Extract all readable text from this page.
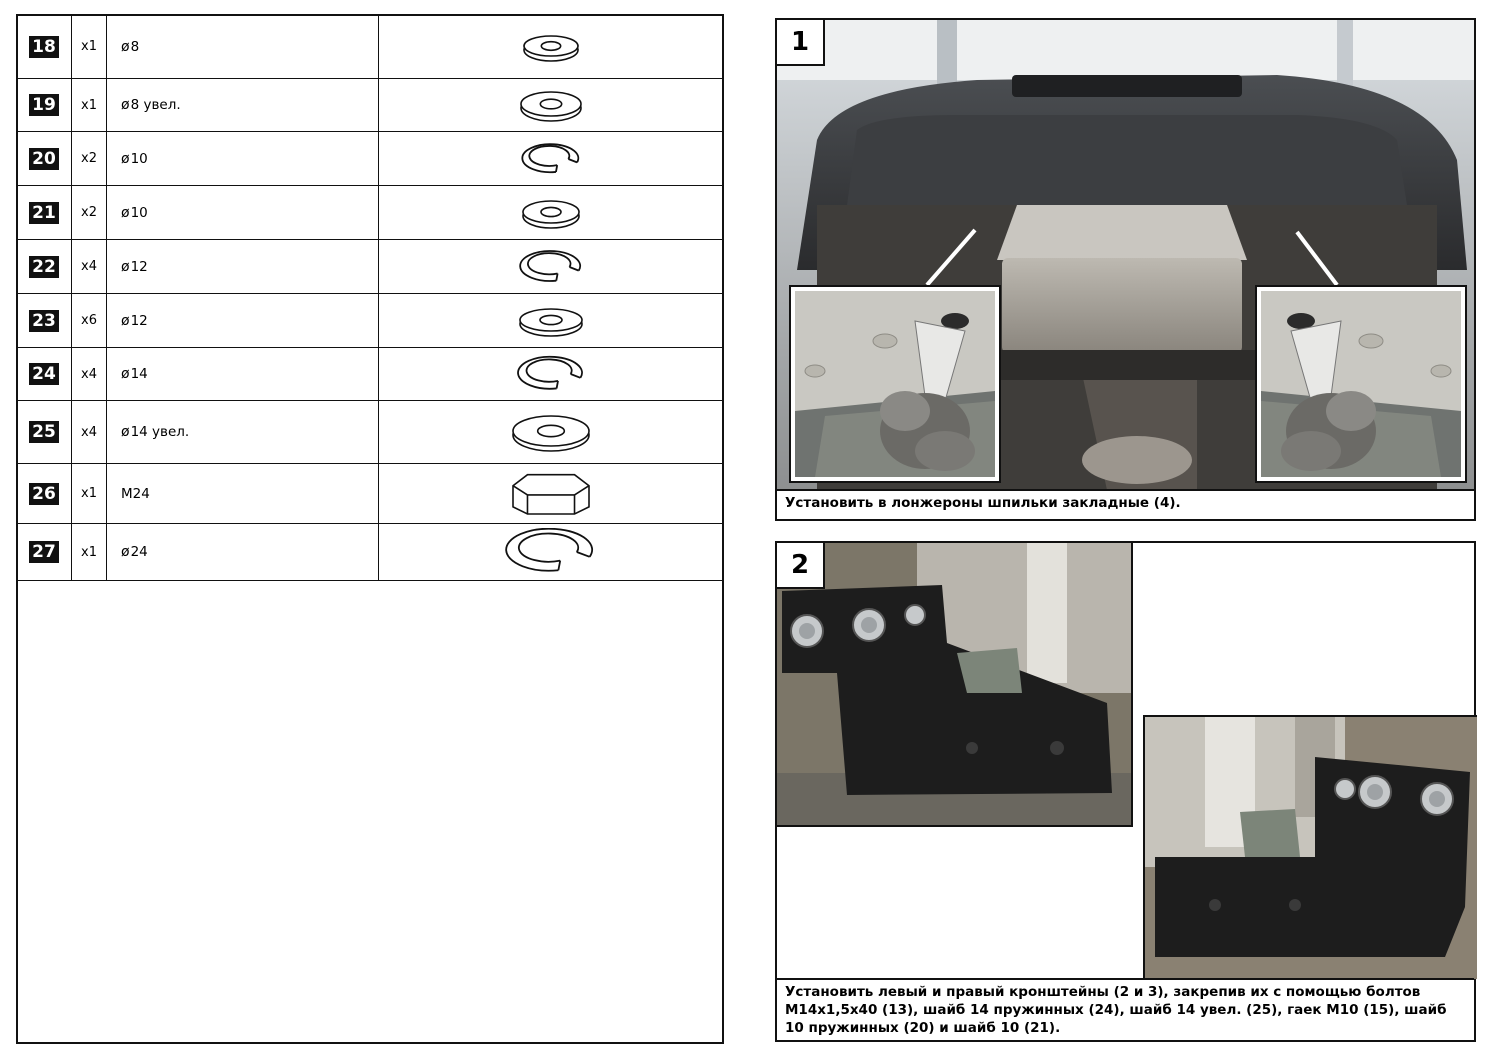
18	x1	ø8	

19	x1	ø8 увел.	

20	x2	ø10	

21	x2	ø10	

22	x4	ø12	

23	x6	ø12	

24	x4	ø14	

25	x4	ø14 увел.	

26	x1	M24	

27	x1	ø24	

1
Установить в лонжероны шпильки закладные (4).
2
Установить левый и правый кронштейны (2 и 3), закрепив их с помощью болтов М14х1,5х40 (13), шайб 14 пружинных (24), шайб 14 увел. (25), гаек М10 (15), шайб 10 пружинных (20) и шайб 10 (21).
